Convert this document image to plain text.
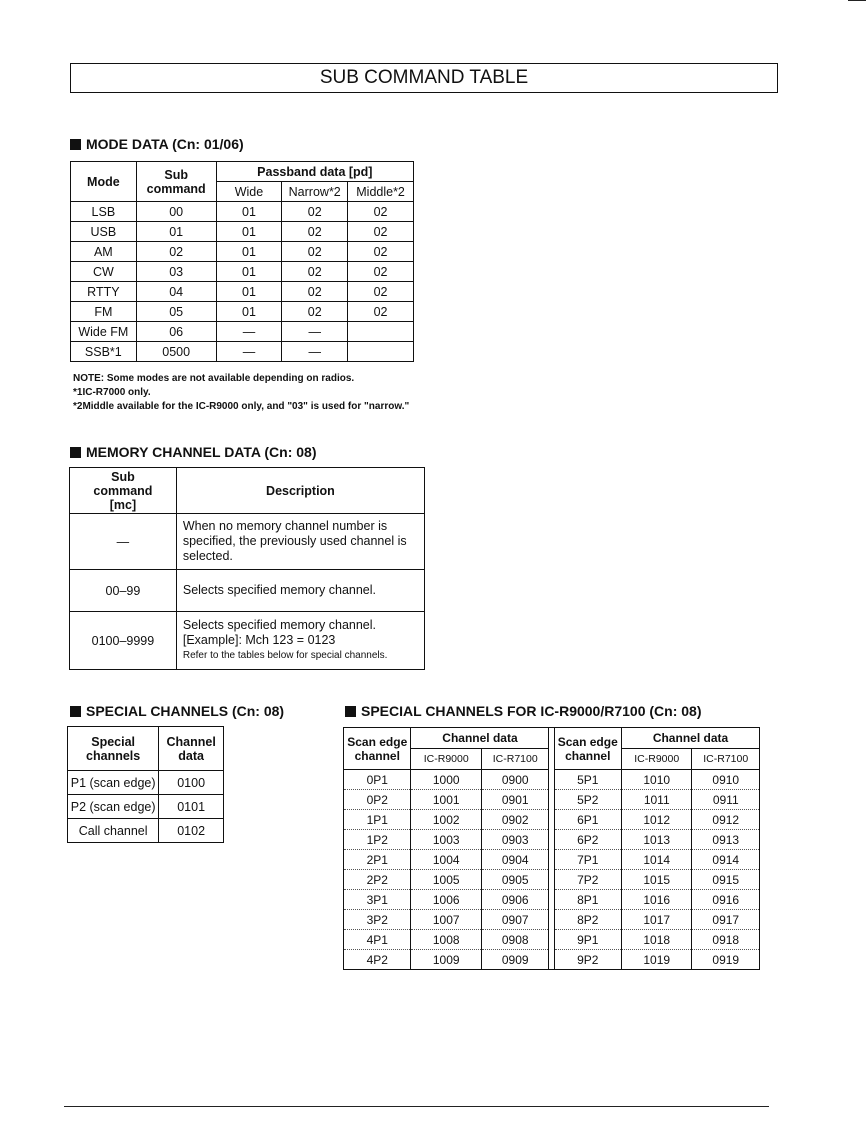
SUB COMMAND TABLE
MODE DATA (Cn: 01/06)
Mode	Sub command	Passband data [pd]		
		Wide	Narrow*2	Middle*2
LSB	00	01	02	02
USB	01	01	02	02
AM	02	01	02	02
CW	03	01	02	02
RTTY	04	01	02	02
FM	05	01	02	02
Wide FM	06	—	—	
SSB*1	0500	—	—	
NOTE: Some modes are not available depending on radios.
*1IC-R7000 only.
*2Middle available for the IC-R9000 only, and "03" is used for "narrow."
MEMORY CHANNEL DATA (Cn: 08)
Sub command [mc]	Description
—	When no memory channel number is specified, the previously used channel is selected.
00–99	Selects specified memory channel.
0100–9999	Selects specified memory channel. [Example]: Mch 123 = 0123
Refer to the tables below for special channels.
SPECIAL CHANNELS (Cn: 08)
Special channels	Channel data
P1 (scan edge)	0100
P2 (scan edge)	0101
Call channel	0102
SPECIAL CHANNELS FOR IC-R9000/R7100 (Cn: 08)
Scan edge channel	Channel data			Scan edge channel	Channel data	
	IC-R9000	IC-R7100			IC-R9000	IC-R7100
0P1	1000	0900		5P1	1010	0910
0P2	1001	0901		5P2	1011	0911
1P1	1002	0902		6P1	1012	0912
1P2	1003	0903		6P2	1013	0913
2P1	1004	0904		7P1	1014	0914
2P2	1005	0905		7P2	1015	0915
3P1	1006	0906		8P1	1016	0916
3P2	1007	0907		8P2	1017	0917
4P1	1008	0908		9P1	1018	0918
4P2	1009	0909		9P2	1019	0919
